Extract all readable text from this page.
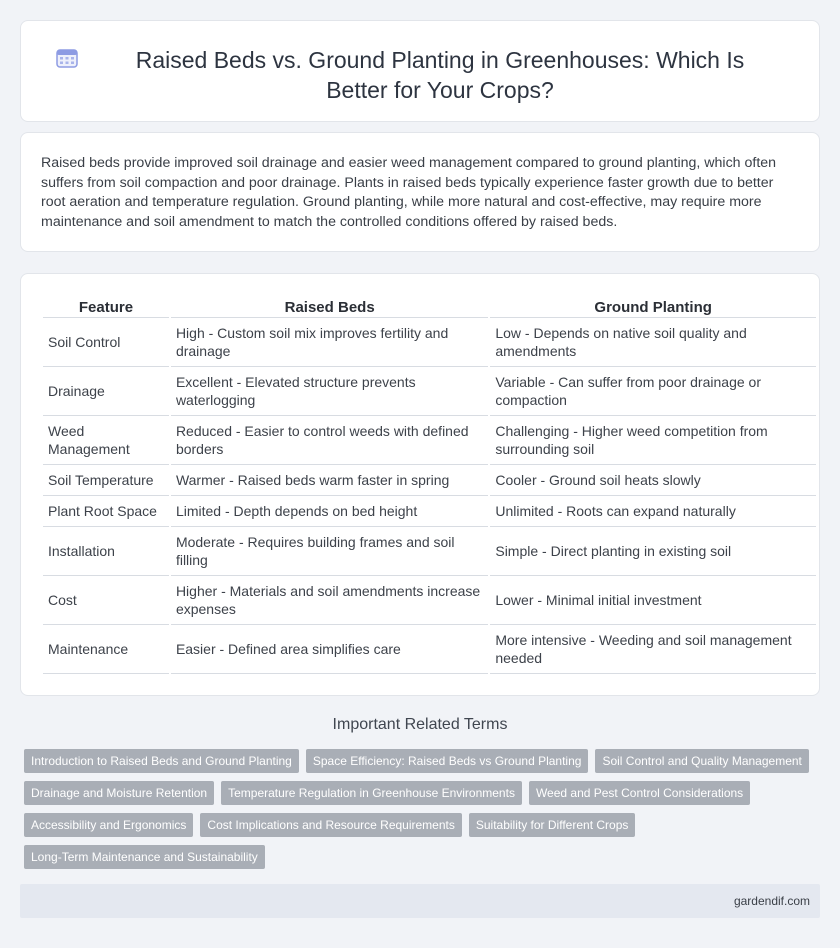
Raised Beds vs. Ground Planting in Greenhouses: Which Is Better for Your Crops?

Raised beds provide improved soil drainage and easier weed management compared to ground planting, which often suffers from soil compaction and poor drainage. Plants in raised beds typically experience faster growth due to better root aeration and temperature regulation. Ground planting, while more natural and cost-effective, may require more maintenance and soil amendment to match the controlled conditions offered by raised beds.

Feature	Raised Beds	Ground Planting
Soil Control	High - Custom soil mix improves fertility and drainage	Low - Depends on native soil quality and amendments
Drainage	Excellent - Elevated structure prevents waterlogging	Variable - Can suffer from poor drainage or compaction
Weed Management	Reduced - Easier to control weeds with defined borders	Challenging - Higher weed competition from surrounding soil
Soil Temperature	Warmer - Raised beds warm faster in spring	Cooler - Ground soil heats slowly
Plant Root Space	Limited - Depth depends on bed height	Unlimited - Roots can expand naturally
Installation	Moderate - Requires building frames and soil filling	Simple - Direct planting in existing soil
Cost	Higher - Materials and soil amendments increase expenses	Lower - Minimal initial investment
Maintenance	Easier - Defined area simplifies care	More intensive - Weeding and soil management needed
Important Related Terms
Introduction to Raised Beds and Ground Planting	Space Efficiency: Raised Beds vs Ground Planting	Soil Control and Quality Management
Drainage and Moisture Retention	Temperature Regulation in Greenhouse Environments	Weed and Pest Control Considerations
Accessibility and Ergonomics	Cost Implications and Resource Requirements	Suitability for Different Crops
Long-Term Maintenance and Sustainability
gardendif.com
